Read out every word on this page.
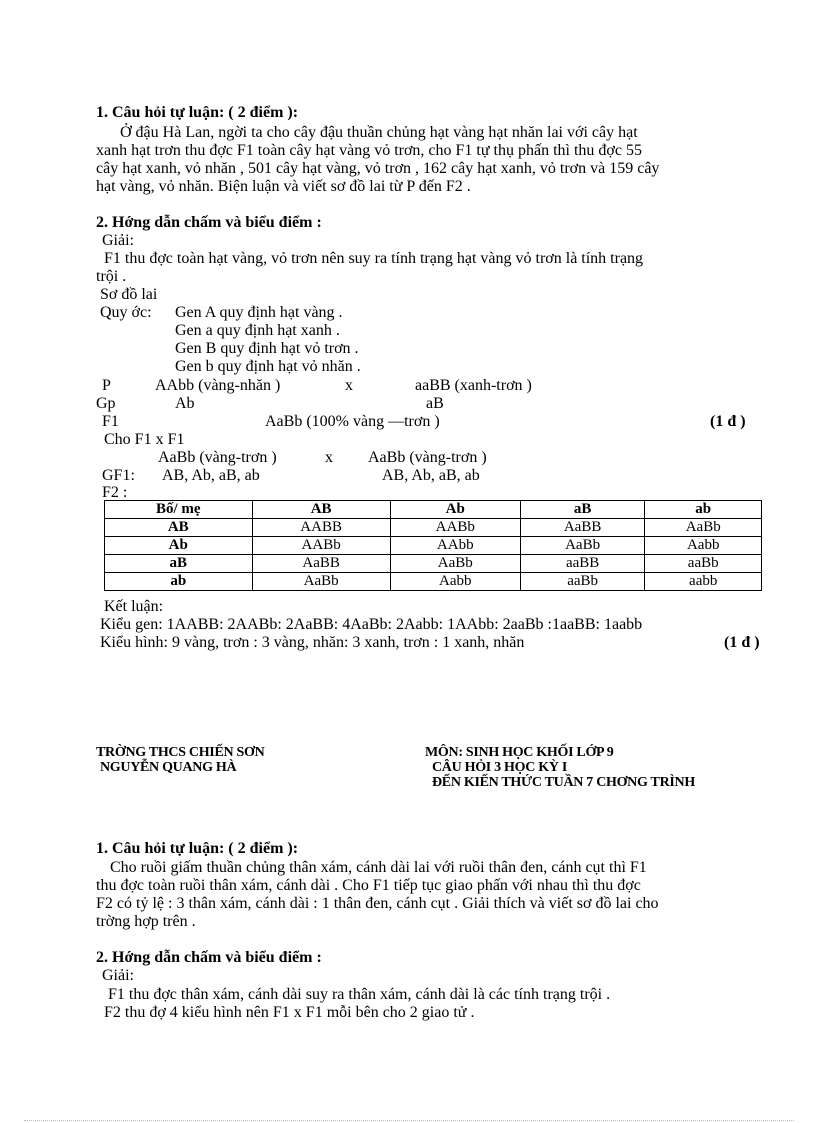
1. Câu hỏi tự luận: ( 2 điểm ):
Ở đậu Hà Lan, ngời ta cho cây đậu thuần chủng hạt vàng hạt nhăn lai với cây hạt
xanh hạt trơn thu đợc F1 toàn cây hạt vàng vỏ trơn, cho F1 tự thụ phấn thì thu đợc 55
cây hạt xanh, vỏ nhăn , 501 cây hạt vàng, vỏ trơn , 162 cây hạt xanh, vỏ trơn và 159 cây
hạt vàng, vỏ nhăn. Biện luận và viết sơ đồ lai từ P đến F2 .
2. Hớng dẫn chấm và biểu điểm :
Giải:
F1 thu đợc toàn hạt vàng, vỏ trơn nên suy ra tính trạng hạt vàng vỏ trơn là tính trạng
trội .
Sơ đồ lai
Quy ớc: Gen A quy định hạt vàng .
Gen a quy định hạt xanh .
Gen B quy định hạt vỏ trơn .
Gen b quy định hạt vỏ nhăn .
P	AAbb (vàng-nhăn )	x	aaBB (xanh-trơn )
Gp	Ab	aB
F1	AaBb (100% vàng —trơn )	(1 đ )
Cho F1 x F1
AaBb (vàng-trơn )	x AaBb (vàng-trơn )
GF1: AB, Ab, aB, ab	AB, Ab, aB, ab
F2 :
Bố/ mẹ	AB	Ab	aB	ab
AB	AABB	AABb	AaBB	AaBb
Ab	AABb	AAbb	AaBb	Aabb
aB	AaBB	AaBb	aaBB	aaBb
ab	AaBb	Aabb	aaBb	aabb
Kết luận:
Kiểu gen: 1AABB: 2AABb: 2AaBB: 4AaBb: 2Aabb: 1AAbb: 2aaBb :1aaBB: 1aabb
Kiểu hình: 9 vàng, trơn : 3 vàng, nhăn: 3 xanh, trơn : 1 xanh, nhăn	(1 đ )
TRỜNG THCS CHIẾN SƠN
NGUYỄN QUANG HÀ
MÔN: SINH HỌC KHỐI LỚP 9
CÂU HỎI 3 HỌC KỲ I
ĐẾN KIẾN THỨC TUẦN 7 CHƠNG TRÌNH
1. Câu hỏi tự luận: ( 2 điểm ):
Cho ruồi giấm thuần chủng thân xám, cánh dài lai với ruồi thân đen, cánh cụt thì F1
thu đợc toàn ruồi thân xám, cánh dài . Cho F1 tiếp tục giao phấn với nhau thì thu đợc
F2 có tỷ lệ : 3 thân xám, cánh dài : 1 thân đen, cánh cụt . Giải thích và viết sơ đồ lai cho
trờng hợp trên .
2. Hớng dẫn chấm và biểu điểm :
Giải:
F1 thu đợc thân xám, cánh dài suy ra thân xám, cánh dài là các tính trạng trội .
F2 thu đợ 4 kiểu hình nên F1 x F1 mỗi bên cho 2 giao tử .
